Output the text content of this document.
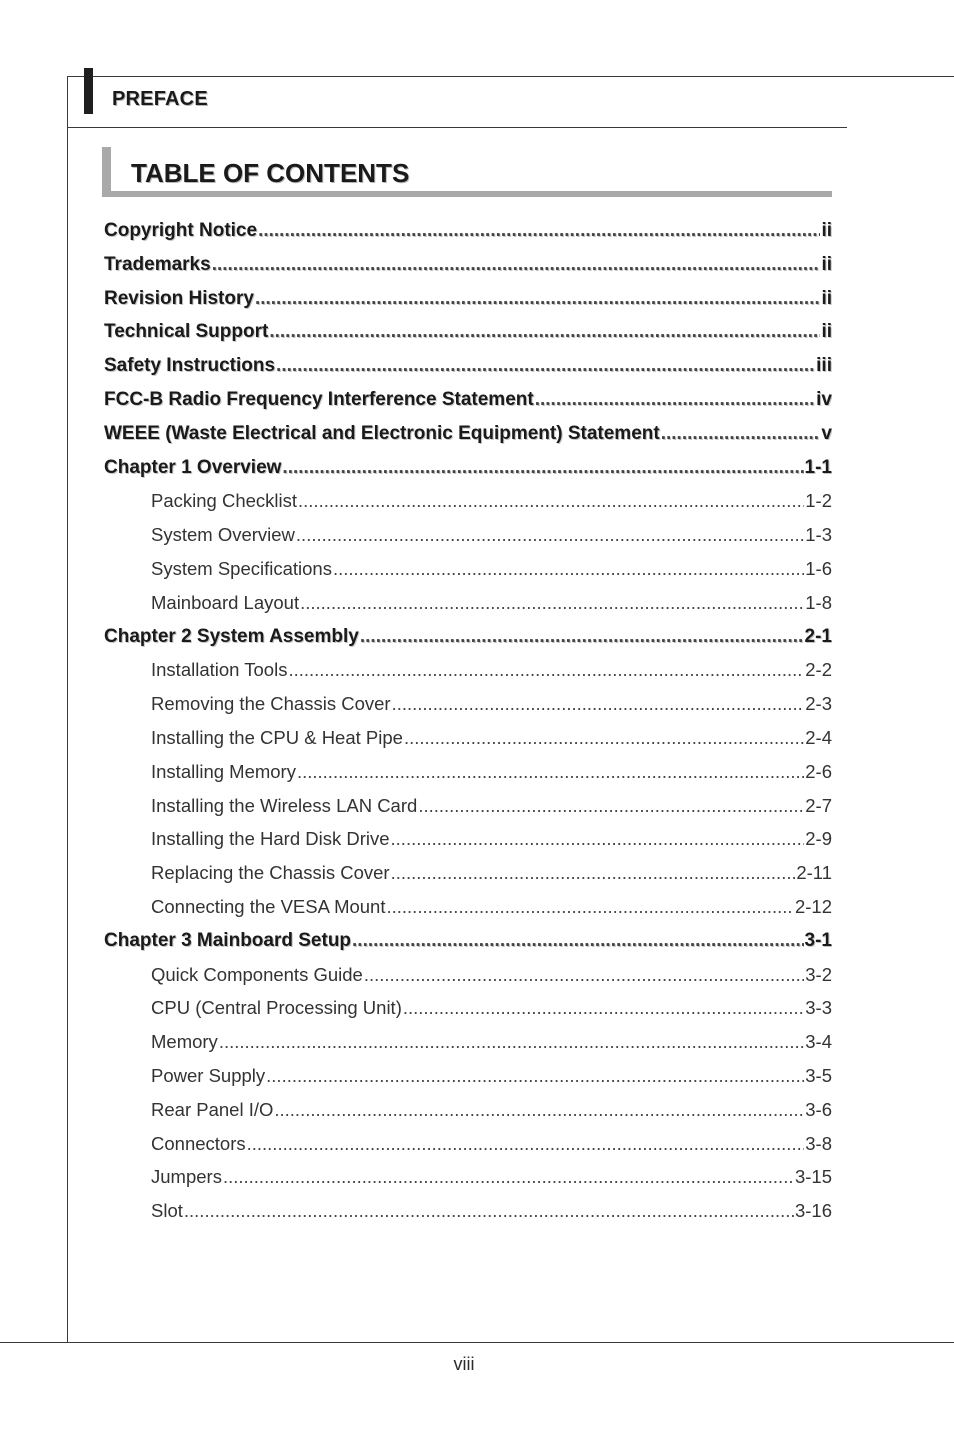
PREFACE
TABLE OF CONTENTS
Copyright Notice .....	ii
Trademarks .....	ii
Revision History .....	ii
Technical Support .....	ii
Safety Instructions .....	iii
FCC-B Radio Frequency Interference Statement .....	iv
WEEE (Waste Electrical and Electronic Equipment) Statement .....	v
Chapter 1 Overview .....	1-1
Packing Checklist .....	1-2
System Overview .....	1-3
System Specifications .....	1-6
Mainboard Layout .....	1-8
Chapter 2 System Assembly .....	2-1
Installation Tools .....	2-2
Removing the Chassis Cover .....	2-3
Installing the CPU & Heat Pipe .....	2-4
Installing Memory .....	2-6
Installing the Wireless LAN Card .....	2-7
Installing the Hard Disk Drive .....	2-9
Replacing the Chassis Cover .....	2-11
Connecting the VESA Mount .....	2-12
Chapter 3 Mainboard Setup .....	3-1
Quick Components Guide .....	3-2
CPU (Central Processing Unit) .....	3-3
Memory .....	3-4
Power Supply .....	3-5
Rear Panel I/O .....	3-6
Connectors .....	3-8
Jumpers .....	3-15
Slot .....	3-16
viii
